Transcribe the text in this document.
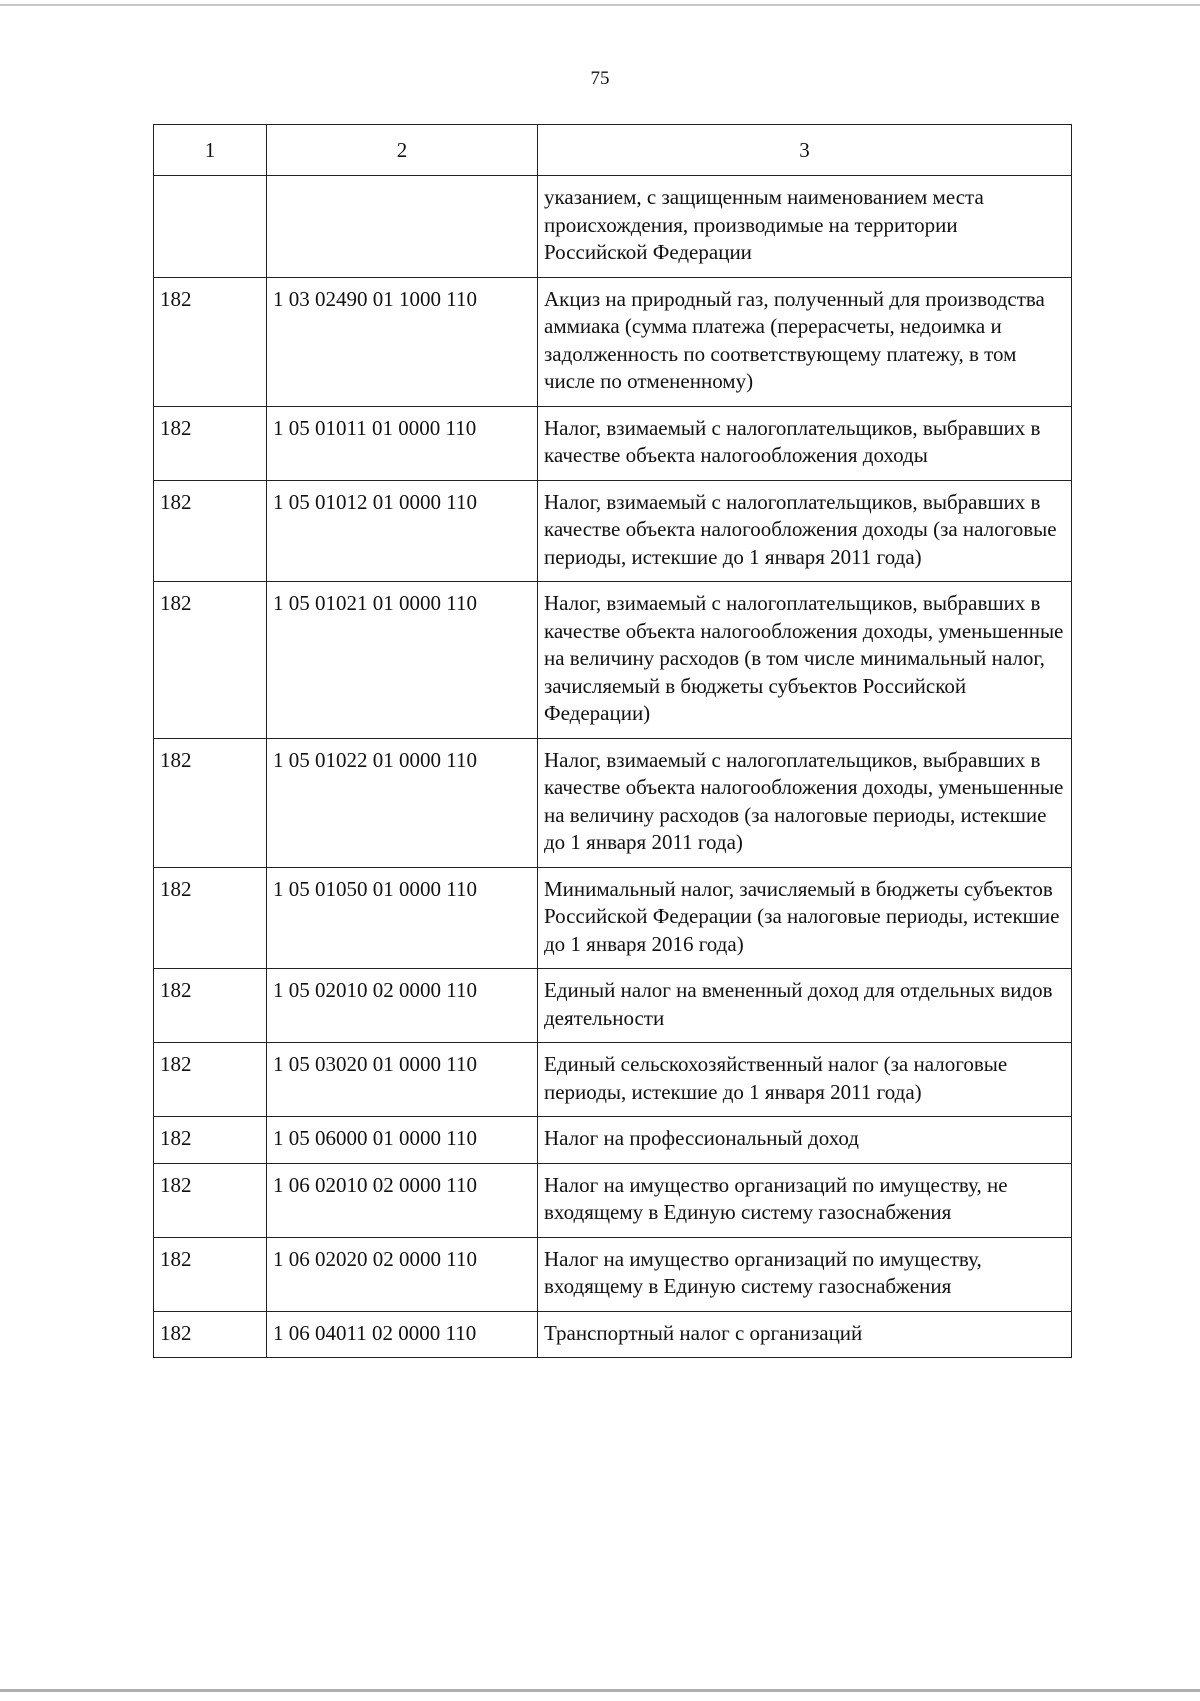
75
1	2	3
		указанием, с защищенным наименованием места происхождения, производимые на территории Российской Федерации
182	1 03 02490 01 1000 110	Акциз на природный газ, полученный для производства аммиака (сумма платежа (перерасчеты, недоимка и задолженность по соответствующему платежу, в том числе по отмененному)
182	1 05 01011 01 0000 110	Налог, взимаемый с налогоплательщиков, выбравших в качестве объекта налогообложения доходы
182	1 05 01012 01 0000 110	Налог, взимаемый с налогоплательщиков, выбравших в качестве объекта налогообложения доходы (за налоговые периоды, истекшие до 1 января 2011 года)
182	1 05 01021 01 0000 110	Налог, взимаемый с налогоплательщиков, выбравших в качестве объекта налогообложения доходы, уменьшенные на величину расходов (в том числе минимальный налог, зачисляемый в бюджеты субъектов Российской Федерации)
182	1 05 01022 01 0000 110	Налог, взимаемый с налогоплательщиков, выбравших в качестве объекта налогообложения доходы, уменьшенные на величину расходов (за налоговые периоды, истекшие до 1 января 2011 года)
182	1 05 01050 01 0000 110	Минимальный налог, зачисляемый в бюджеты субъектов Российской Федерации (за налоговые периоды, истекшие до 1 января 2016 года)
182	1 05 02010 02 0000 110	Единый налог на вмененный доход для отдельных видов деятельности
182	1 05 03020 01 0000 110	Единый сельскохозяйственный налог (за налоговые периоды, истекшие до 1 января 2011 года)
182	1 05 06000 01 0000 110	Налог на профессиональный доход
182	1 06 02010 02 0000 110	Налог на имущество организаций по имуществу, не входящему в Единую систему газоснабжения
182	1 06 02020 02 0000 110	Налог на имущество организаций по имуществу, входящему в Единую систему газоснабжения
182	1 06 04011 02 0000 110	Транспортный налог с организаций
